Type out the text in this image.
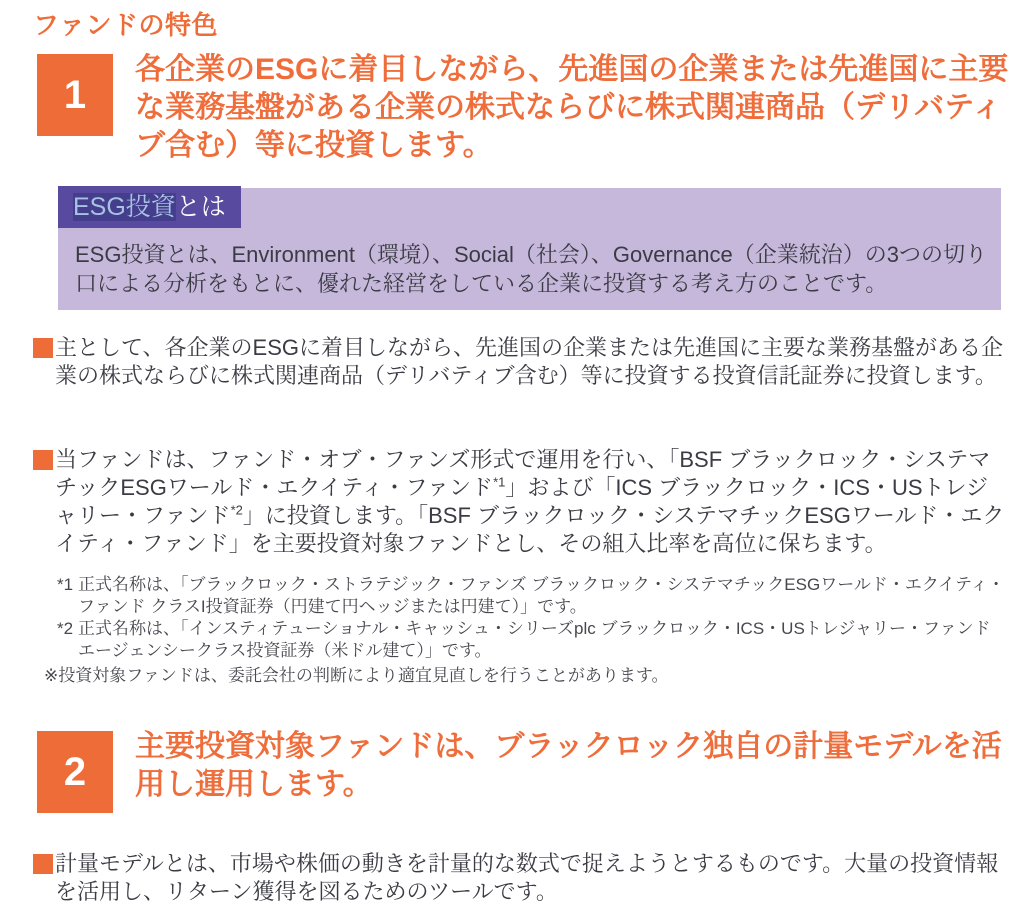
ファンドの特色
1
各企業のESGに着目しながら、先進国の企業または先進国に主要な業務基盤がある企業の株式ならびに株式関連商品（デリバティブ含む）等に投資します。
ESG投資とは
ESG投資とは、Environment（環境）、Social（社会）、Governance（企業統治）の3つの切り口による分析をもとに、優れた経営をしている企業に投資する考え方のことです。

主として、各企業のESGに着目しながら、先進国の企業または先進国に主要な業務基盤がある企業の株式ならびに株式関連商品（デリバティブ含む）等に投資する投資信託証券に投資します。

当ファンドは、ファンド・オブ・ファンズ形式で運用を行い、「BSF ブラックロック・システマチックESGワールド・エクイティ・ファンド$^{*1}$」および「ICS ブラックロック・ICS・USトレジャリー・ファンド$^{*2}$」に投資します。「BSF ブラックロック・システマチックESGワールド・エクイティ・ファンド」を主要投資対象ファンドとし、その組入比率を高位に保ちます。

*1 正式名称は、「ブラックロック・ストラテジック・ファンズ ブラックロック・システマチックESGワールド・エクイティ・ファンド クラスI投資証券（円建て円ヘッジまたは円建て）」です。

*2 正式名称は、「インスティテューショナル・キャッシュ・シリーズplc ブラックロック・ICS・USトレジャリー・ファンド エージェンシークラス投資証券（米ドル建て）」です。

※投資対象ファンドは、委託会社の判断により適宜見直しを行うことがあります。

2
主要投資対象ファンドは、ブラックロック独自の計量モデルを活用し運用します。

計量モデルとは、市場や株価の動きを計量的な数式で捉えようとするものです。大量の投資情報を活用し、リターン獲得を図るためのツールです。
